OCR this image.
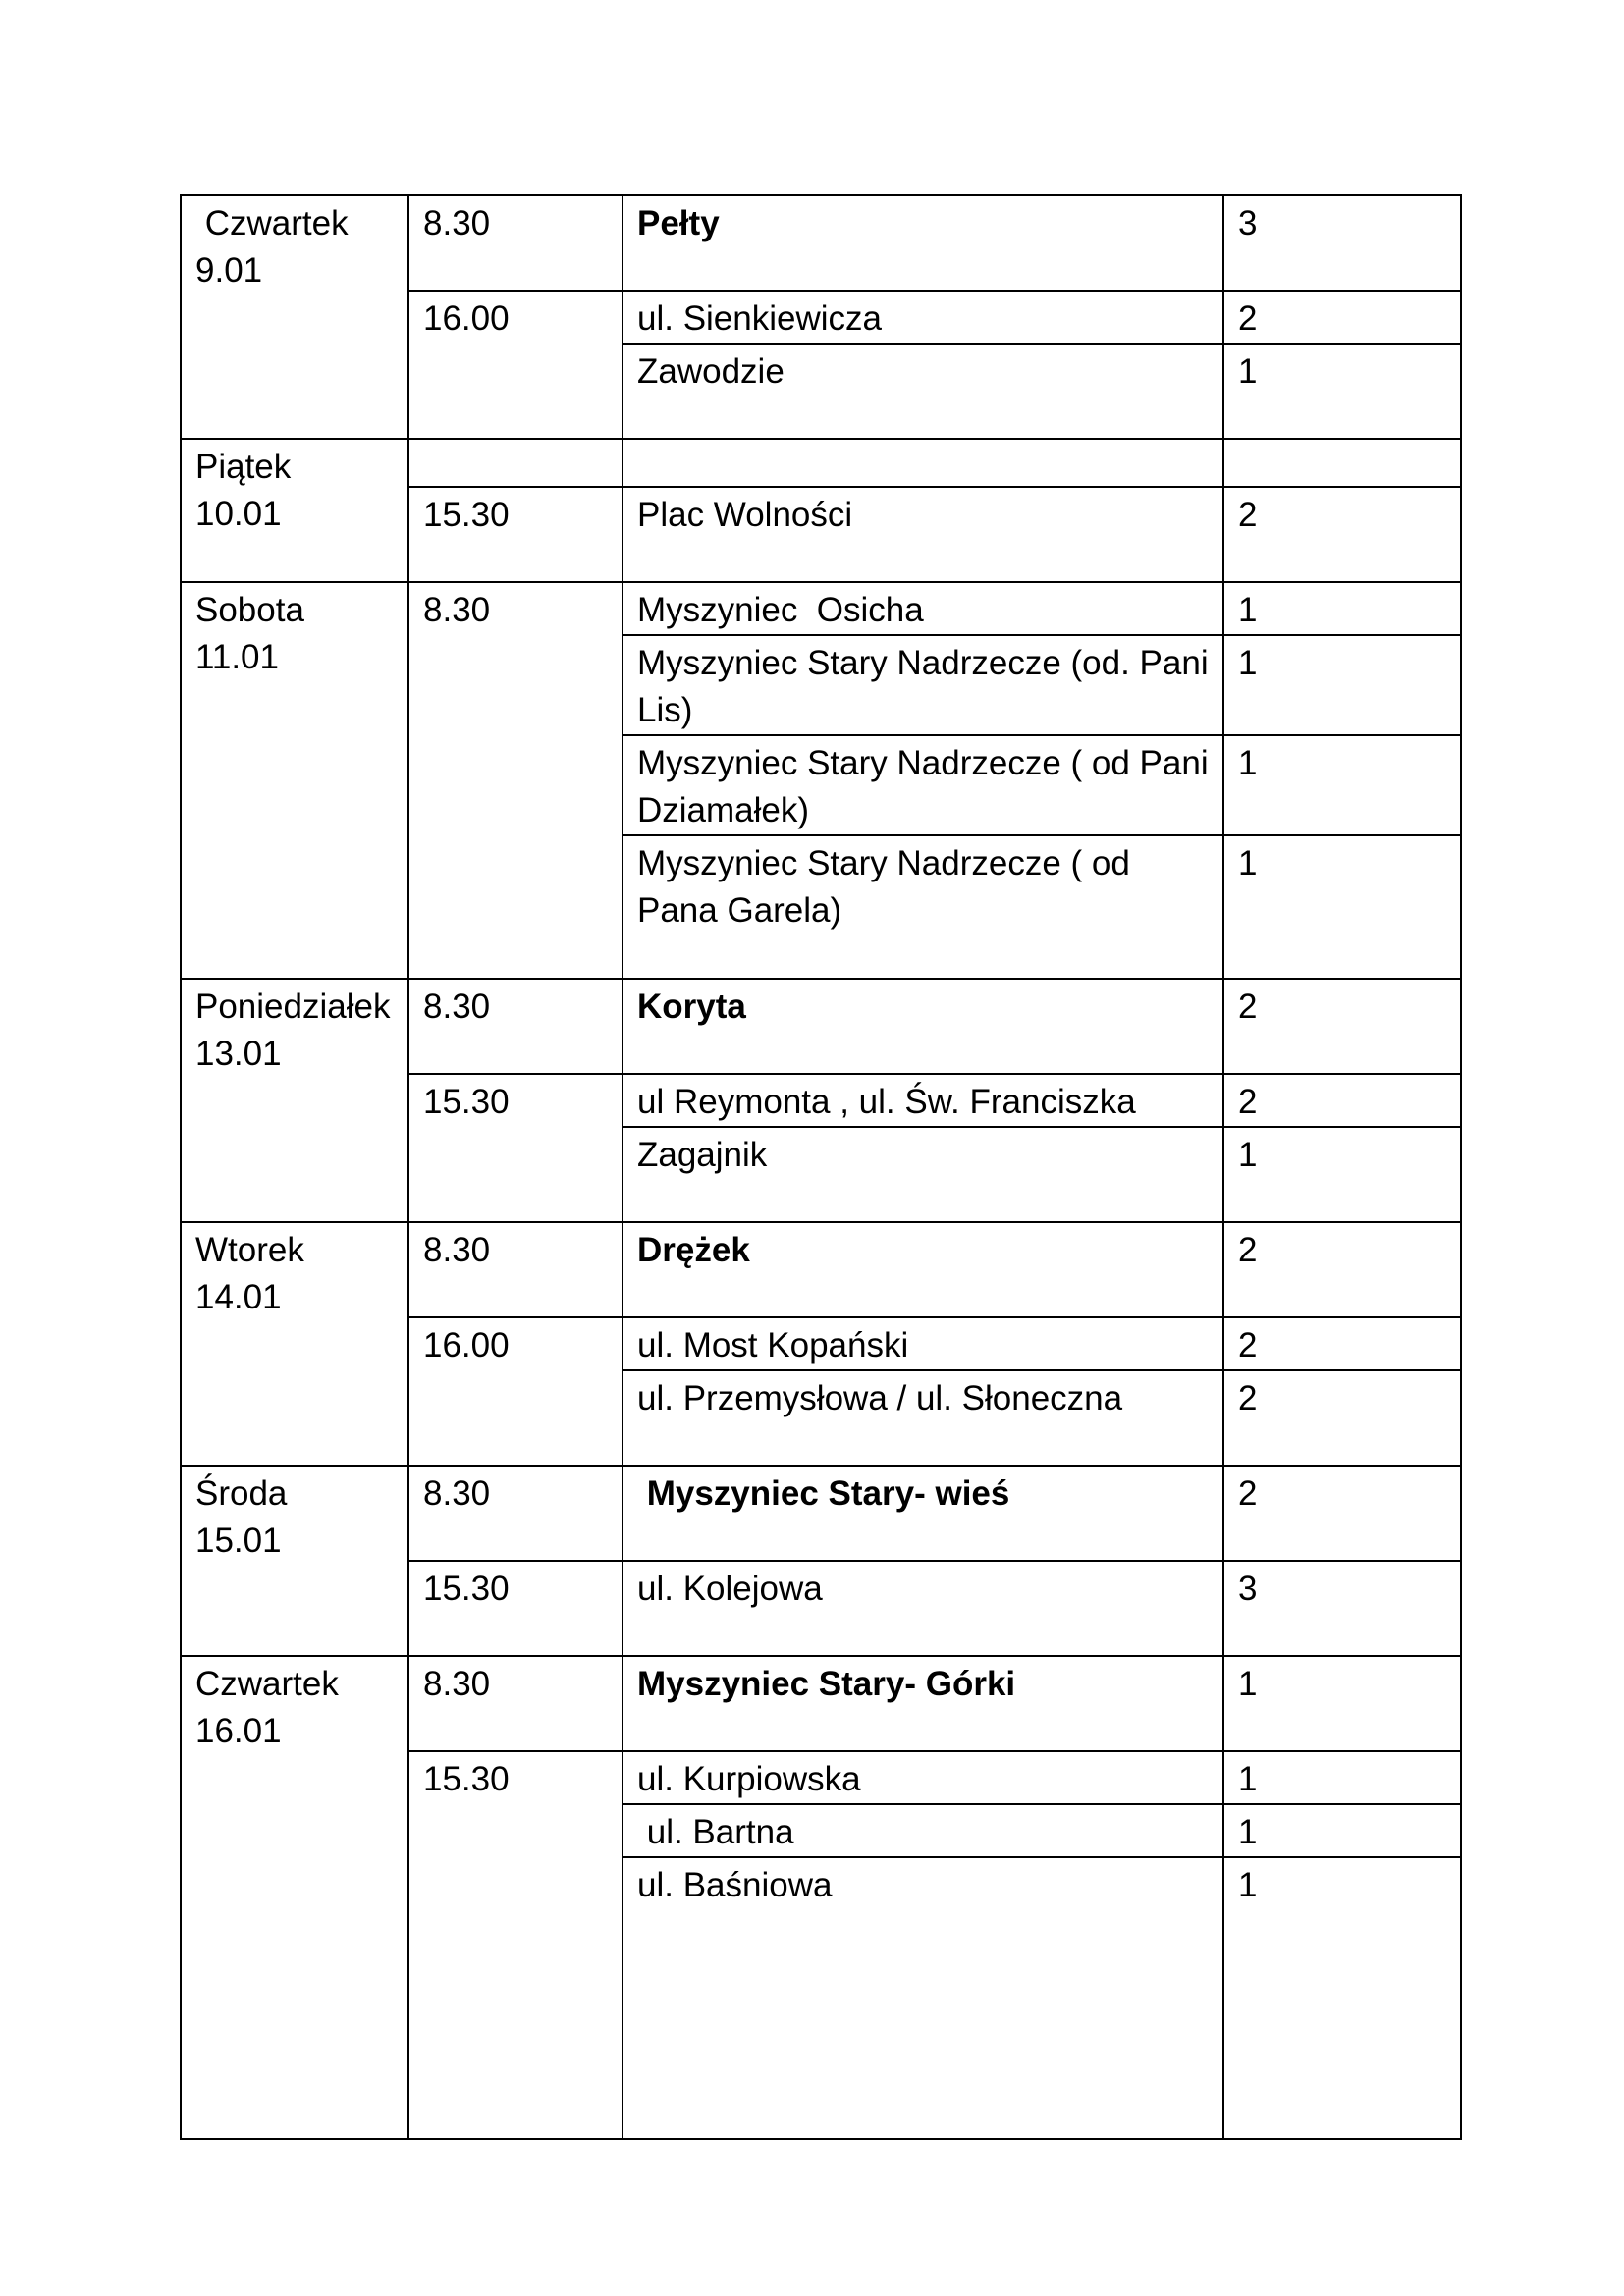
Czwartek
9.01	8.30	Pełty	3
	16.00	ul. Sienkiewicza	2
		Zawodzie	1

Piątek
10.01			

	15.30	Plac Wolności	2

Sobota
11.01	8.30	Myszyniec  Osicha	1
		Myszyniec Stary Nadrzecze (od. Pani Lis)	1
		Myszyniec Stary Nadrzecze ( od Pani Dziamałek)	1
		Myszyniec Stary Nadrzecze ( od Pana Garela)	1

Poniedziałek
13.01	8.30	Koryta	2
	15.30	ul Reymonta , ul. Św. Franciszka	2
		Zagajnik	1

Wtorek
14.01	8.30	Dręż​ek	2
	16.00	ul. Most Kopański	2
		ul. Przemysłowa / ul. Słoneczna	2

Środa
15.01	8.30	Myszyniec Stary- wieś	2
	15.30	ul. Kolejowa	3

Czwartek
16.01	8.30	Myszyniec Stary- Górki	1
	15.30	ul. Kurpiowska	1
		ul. Bartna	1
		ul. Baśniowa	1
